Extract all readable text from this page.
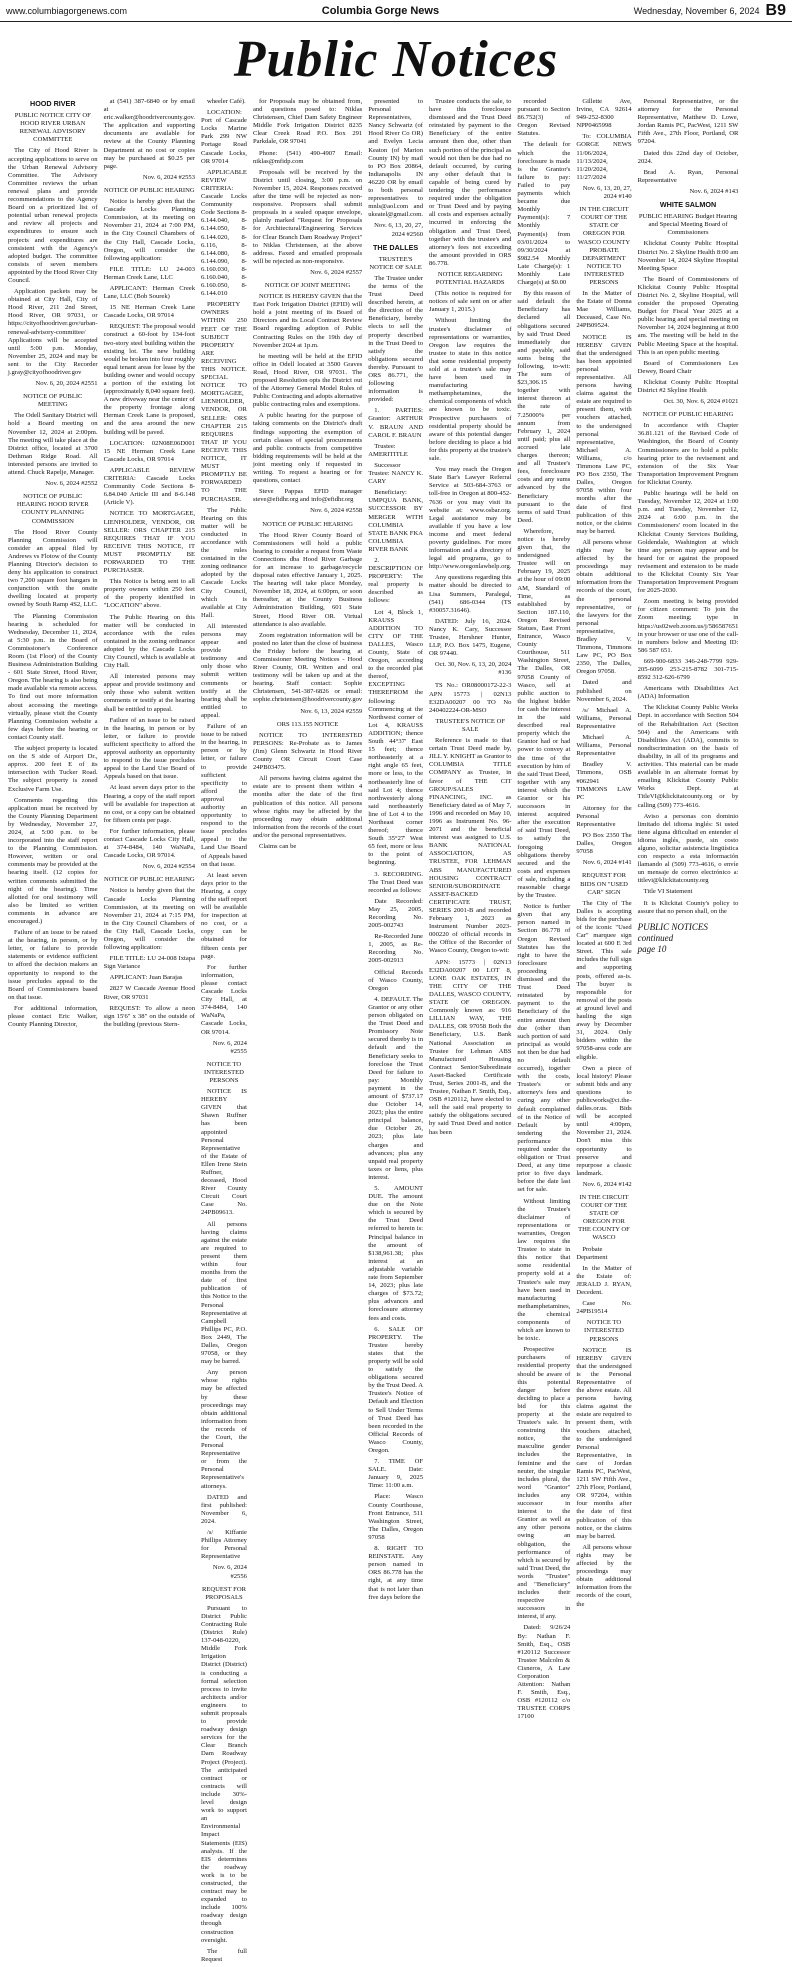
www.columbiagorgenews.com	Columbia Gorge News	Wednesday, November 6, 2024 B9
Public Notices

HOOD RIVER

PUBLIC NOTICE CITY OF HOOD RIVER URBAN RENEWAL ADVISORY COMMITTEE

The City of Hood River is accepting applications to serve on the Urban Renewal Advisory Committee. The Advisory Committee reviews the urban renewal plans and provide recommendations to the Agency Board on a prioritized list of potential urban renewal projects and review all projects and expenditures to ensure such projects and expenditures are consistent with the Agency's adopted budget. The committee consists of seven members appointed by the Hood River City Council.

Application packets may be obtained at City Hall, City of Hood River, 211 2nd Street, Hood River, OR 97031, or https://cityofhoodriver.gov/urban-renewal-advisory-committee/ Applications will be accepted until 5:00 p.m. Monday, November 25, 2024 and may be sent to the City Recorder j.gray@cityofhoodriver.gov

Nov. 6, 20, 2024 #2551

NOTICE OF PUBLIC MEETING

The Odell Sanitary District will hold a Board meeting on November 12, 2024 at 2:00pm. The meeting will take place at the District office, located at 3700 Dethman Ridge Road. All interested persons are invited to attend. Chuck Rapelje, Manager.

Nov. 6, 2024 #2552

NOTICE OF PUBLIC HEARING HOOD RIVER COUNTY PLANNING COMMISSION

The Hood River County Planning Commission will consider an appeal filed by Andrews vs Flotow of the County Planning Director's decision to deny his application to construct two 7,200 square foot hangars in conjunction with the onsite dwelling located at property owned by South Ramp 4S2, LLC.

The Planning Commission hearing is scheduled for Wednesday, December 11, 2024, at 5:30 p.m. in the Board of Commissioner's Conference Room (1st Floor) of the County Business Administration Building - 601 State Street, Hood River, Oregon. The hearing is also being made available via remote access. To find out more information about accessing the meetings virtually, please visit the County Planning Commission website a few days before the hearing or contact County staff.

The subject property is located on the S side of Airport Dr., approx. 200 feet E of its intersection with Tucker Road. The subject property is zoned Exclusive Farm Use.

Comments regarding this application must be received by the County Planning Department by Wednesday, November 27, 2024, at 5:00 p.m. to be incorporated into the staff report to the Planning Commission. However, written or oral comments may be provided at the hearing itself. (12 copies for written comments submitted the night of the hearing). Time allotted for oral testimony will also be limited so written comments in advance are encouraged.)

Failure of an issue to be raised at the hearing, in person, or by letter, or failure to provide statements or evidence sufficient to afford the decision makers an opportunity to respond to the issue precludes appeal to the Board of Commissioners based on that issue.

For additional information, please contact Eric Walker, County Planning Director,

at (541) 387-6840 or by email at eric.walker@hoodrivercounty.gov. The application and supporting documents are available for review at the County Planning Department at no cost or copies may be purchased at $0.25 per page.

Nov. 6, 2024 #2553

NOTICE OF PUBLIC HEARING

Notice is hereby given that the Cascade Locks Planning Commission, at its meeting on November 21, 2024 at 7:00 PM, in the City Council Chambers of the City Hall, Cascade Locks, Oregon, will consider the following application:

FILE TITLE: LU 24-003 Herman Creek Lane, LLC

APPLICANT: Herman Creek Lane, LLC (Bob Sourek)

15 NE Herman Creek Lane Cascade Locks, OR 97014

REQUEST: The proposal would construct a 60-foot by 134-foot two-story steel building within the existing lot. The new building would be broken into four roughly equal tenant areas for lease by the building owner and would occupy a portion of the existing lot (approximately 8,040 square feet). A new driveway near the center of the property frontage along Herman Creek Lane is proposed, and the area around the new building will be paved.

LOCATION: 02N08E06D001 15 NE Herman Creek Lane Cascade Locks, OR 97014

APPLICABLE REVIEW CRITERIA: Cascade Locks Community Code Sections 8-6.84.040 Article III and 8-6.148 (Article V).

NOTICE TO MORTGAGEE, LIENHOLDER, VENDOR, OR SELLER: ORS CHAPTER 215 REQUIRES THAT IF YOU RECEIVE THIS NOTICE, IT MUST PROMPTLY BE FORWARDED TO THE PURCHASER.

This Notice is being sent to all property owners within 250 feet of the property identified in "LOCATION" above.

The Public Hearing on this matter will be conducted in accordance with the rules contained in the zoning ordinance adopted by the Cascade Locks City Council, which is available at City Hall.

All interested persons may appear and provide testimony and only those who submit written comments or testify at the hearing shall be entitled to appeal.

Failure of an issue to be raised in the hearing, in person or by letter, or failure to provide sufficient specificity to afford the approval authority an opportunity to respond to the issue precludes appeal to the Land Use Board of Appeals based on that issue.

At least seven days prior to the Hearing, a copy of the staff report will be available for inspection at no cost, or a copy can be obtained for fifteen cents per page.

For further information, please contact Cascade Locks City Hall, at 374-8484, 140 WaNaPa, Cascade Locks, OR 97014.

Nov. 6, 2024 #2554

NOTICE OF PUBLIC HEARING

Notice is hereby given that the Cascade Locks Planning Commission, at its meeting on November 21, 2024 at 7:15 PM, in the City Council Chambers of the City Hall, Cascade Locks, Oregon, will consider the following application:

FILE TITLE: LU 24-008 Ixtapa Sign Variance

APPLICANT: Juan Barajas

2827 W Cascade Avenue Hood River, OR 97031

REQUEST: To allow a neon sign 15'6" x 38" on the outside of the building (previous Stern-

wheeler Café).

LOCATION: Port of Cascade Locks Marine Park 299 NW Portage Road Cascade Locks, OR 97014

APPLICABLE REVIEW CRITERIA: Cascade Locks Community Code Sections 8-6.144.040, 8-6.144.050, 8-6.144.020, 8-6.116, 8-6.144.080, 8-6.144.090, 8-6.160.030, 8-6.160.040, 8-6.160.050, 8-6.144.010

PROPERTY OWNERS WITHIN 250 FEET OF THE SUBJECT PROPERTY ARE RECEIVING THIS NOTICE. SPECIAL NOTICE TO MORTGAGEE, LIENHOLDER, VENDOR, OR SELLER: ORS CHAPTER 215 REQUIRES THAT IF YOU RECEIVE THIS NOTICE, IT MUST PROMPTLY BE FORWARDED TO THE PURCHASER.

The Public Hearing on this matter will be conducted in accordance with the rules contained in the zoning ordinance adopted by the Cascade Locks City Council, which is available at City Hall.

All interested persons may appear and provide testimony and only those who submit written comments or testify at the hearing shall be entitled to appeal.

Failure of an issue to be raised in the hearing, in person or by letter, or failure to provide sufficient specificity to afford the approval authority an opportunity to respond to the issue precludes appeal to the Land Use Board of Appeals based on that issue.

At least seven days prior to the Hearing, a copy of the staff report will be available for inspection at no cost, or a copy can be obtained for fifteen cents per page.

For further information, please contact Cascade Locks City Hall, at 374-8484, 140 WaNaPa, Cascade Locks, OR 97014.

Nov. 6, 2024 #2555

NOTICE TO INTERESTED PERSONS

NOTICE IS HEREBY GIVEN that Shawn Ruffner has been appointed Personal Representative of the Estate of Ellen Irene Stein Ruffner, deceased, Hood River County Circuit Court Case No. 24PB09613.

All persons having claims against the estate are required to present them within four months from the date of first publication of this Notice to the Personal Representative at Campbell Phillips PC, P.O. Box 2449, The Dalles, Oregon 97058, or they may be barred.

Any person whose rights may be affected by these proceedings may obtain additional information from the records of the Court, the Personal Representative or from the Personal Representative's attorneys.

DATED and first published: November 6, 2024.

/s/ Kiffanie Phillips Attorney for Personal Representative

Nov. 6, 2024 #2556

REQUEST FOR PROPOSALS

Pursuant to District Public Contracting Rule (District Rule) 137-048-0220, Middle Fork Irrigation District (District) is conducting a formal selection process to invite architects and/or engineers to submit proposals to provide roadway design services for the Clear Branch Dam Roadway Project (Project). The anticipated contract or contracts will include 30%-level design work to support an Environmental Impact Statements (EIS) analysis. If the EIS determines the roadway work is to be constructed, the contract may be expanded to include 100% roadway design through construction oversight.

The full Request

for Proposals may be obtained from, and questions posed to: Niklas Christensen, Chief Dam Safety Engineer Middle Fork Irrigation District 8235 Clear Creek Road P.O. Box 291 Parkdale, OR 97041

Phone: (541) 490-4907 Email: niklas@mfidp.com

Proposals will be received by the District until closing, 3:00 p.m. on November 15, 2024. Responses received after the time will be rejected as non-responsive. Proposers shall submit proposals in a sealed opaque envelope, plainly marked "Request for Proposals for Architectural/Engineering Services for Clear Branch Dam Roadway Project" to Niklas Christensen, at the above address. Faxed and emailed proposals will be rejected as non-responsive.

Nov. 6, 2024 #2557

NOTICE OF JOINT MEETING

NOTICE IS HEREBY GIVEN that the East Fork Irrigation District (EFID) will hold a joint meeting of its Board of Directors and its Local Contract Review Board regarding adoption of Public Contracting Rules on the 19th day of November 2024 at 1p.m.

he meeting will be held at the EFID office in Odell located at 3500 Graves Road, Hood River, OR 97031. The proposed Resolution opts the District out of the Attorney General Model Rules of Public Contracting and adopts alternative public contracting rules and exemptions.

A public hearing for the purpose of taking comments on the District's draft findings supporting the exemption of certain classes of special procurements and public contracts from competitive bidding requirements will be held at the joint meeting only if requested in writing. To request a hearing or for questions, contact

Steve Pappas EFID manager steve@efidhr.org and info@efidhr.org

Nov. 6, 2024 #2558

NOTICE OF PUBLIC HEARING

The Hood River County Board of Commissioners will hold a public hearing to consider a request from Waste Connections dba Hood River Garbage for an increase to garbage/recycle disposal rates effective January 1, 2025. The hearing will take place Monday, November 18, 2024, at 6:00pm, or soon thereafter, at the County Business Administration Building, 601 State Street, Hood River OR. Virtual attendance is also available.

Zoom registration information will be posted no later than the close of business the Friday before the hearing at Commissioner Meeting Notices - Hood River County, OR. Written and oral testimony will be taken up and at the hearing. Staff contact: Sophie Christensen, 541-387-6826 or email: sophie.christensen@hoodrivercounty.gov

Nov. 6, 13, 2024 #2559

ORS 113.155 NOTICE

NOTICE TO INTERESTED PERSONS: Re-Probate as to James (Jim) Glenn Schwartz in Hood River County OR Circuit Court Case 24PB03475.

All persons having claims against the estate are to present them within 4 months after the date of the first publication of this notice. All persons whose rights may be affected by the proceeding may obtain additional information from the records of the court and/or the personal representatives.

Claims can be

presented to Personal Representatives, Nancy Schwartz (of Hood River Co OR) and Evelyn Lecia Keaton (of Marion County IN) by mail to PO Box 20864, Indianapolis IN 46220 OR by email to both personal representatives to mnls@aol.com and ukeatel@gmail.com.

Nov. 6, 13, 20, 27, 2024 #2560

THE DALLES

TRUSTEE'S NOTICE OF SALE

The Trustee under the terms of the Trust Deed described herein, at the direction of the Beneficiary, hereby elects to sell the property described in the Trust Deed to satisfy the obligations secured thereby. Pursuant to ORS 86.771, the following information is provided:

1. PARTIES: Grantor: ARTHUR V. BRAUN AND CAROL F. BRAUN

Trustee: AMERITITLE

Successor Trustee: NANCY K. CARY

Beneficiary: UMPQUA BANK, SUCCESSOR BY MERGER WITH COLUMBIA STATE BANK FKA COLUMBIA RIVER BANK

2. DESCRIPTION OF PROPERTY: The real property is described as follows:

Lot 4, Block 1, KRAUSS ADDITION TO CITY OF THE DALLES, Wasco County, State of Oregon, according to the recorded plat thereof, EXCEPTING THEREFROM the following: Commencing at the Northwest corner of Lot 4, KRAUSS ADDITION; thence South 44°37' East 15 feet; thence northeasterly at a right angle 65 feet, more or less, to the northeasterly line of said Lot 4; thence northwesterly along said northeasterly line of Lot 4 to the Northeast corner thereof; thence South 35°27' West 65 feet, more or less to the point of beginning.

3. RECORDING. The Trust Deed was recorded as follows:

Date Recorded: May 25, 2005, Recording No. 2005-002743

Re-Recorded June 1, 2005, as Re-Recording No. 2005-002913

Official Records of Wasco County, Oregon

4. DEFAULT. The Grantor or any other person obligated on the Trust Deed and Promissory Note secured thereby is in default and the Beneficiary seeks to foreclose the Trust Deed for failure to pay: Monthly payment in the amount of $737.17 due October 14, 2023; plus the entire principal balance, due October 26, 2023; plus late charges and advances; plus any unpaid real property taxes or liens, plus interest.

5. AMOUNT DUE. The amount due on the Note which is secured by the Trust Deed referred to herein is: Principal balance in the amount of $138,961.38; plus interest at an adjustable variable rate from September 14, 2023; plus late charges of $73.72; plus advances and foreclosure attorney fees and costs.

6. SALE OF PROPERTY. The Trustee hereby states that the property will be sold to satisfy the obligations secured by the Trust Deed. A Trustee's Notice of Default and Election to Sell Under Terms of Trust Deed has been recorded in the Official Records of Wasco County, Oregon.

7. TIME OF SALE. Date: January 9, 2025 Time: 11:00 a.m.

Place: Wasco County Courthouse, Front Entrance, 511 Washington Street, The Dalles, Oregon 97058

8. RIGHT TO REINSTATE. Any person named in ORS 86.778 has the right, at any time that is not later than five days before the

Trustee conducts the sale, to have this foreclosure dismissed and the Trust Deed reinstated by payment to the Beneficiary of the entire amount then due, other than such portion of the principal as would not then be due had no default occurred, by curing any other default that is capable of being cured by tendering the performance required under the obligation or Trust Deed and by paying all costs and expenses actually incurred in enforcing the obligation and Trust Deed, together with the trustee's and attorney's fees not exceeding the amount provided in ORS 86.778.

NOTICE REGARDING POTENTIAL HAZARDS

(This notice is required for notices of sale sent on or after January 1, 2015.)

Without limiting the trustee's disclaimer of representations or warranties, Oregon law requires the trustee to state in this notice that some residential property sold at a trustee's sale may have been used in manufacturing methamphetamines, the chemical components of which are known to be toxic. Prospective purchasers of residential property should be aware of this potential danger before deciding to place a bid for this property at the trustee's sale.

You may reach the Oregon State Bar's Lawyer Referral Service at 503-684-3763 or toll-free in Oregon at 800-452-7636 or you may visit its website at: www.osbar.org. Legal assistance may be available if you have a low income and meet federal poverty guidelines. For more information and a directory of legal aid programs, go to http://www.oregonlawhelp.org.

Any questions regarding this matter should be directed to Lisa Summers, Paralegal, (541) 686-0344 (TS #30057.31646).

DATED: July 16, 2024. Nancy K. Cary, Successor Trustee, Hershner Hunter, LLP, P.O. Box 1475, Eugene, OR 97440.

Oct. 30, Nov. 6, 13, 20, 2024 #136

TS No.: OR08000172-22-3 APN 15773 | 02N13 E32DA00207 00 TO No 240402224-OR-MSO

TRUSTEE'S NOTICE OF SALE

Reference is made to that certain Trust Deed made by, JILL Y. KNIGHT as Grantor to COLUMBIA TITLE COMPANY as Trustee, in favor of THE CIT GROUP/SALES FINANCING, INC. as Beneficiary dated as of May 7, 1996 and recorded on May 10, 1996 as Instrument No. 96-2071 and the beneficial interest was assigned to U.S. BANK NATIONAL ASSOCIATION, AS TRUSTEE, FOR LEHMAN ABS MANUFACTURED HOUSING CONTRACT SENIOR/SUBORDINATE ASSET-BACKED CERTIFICATE TRUST, SERIES 2001-B and recorded February 1, 2023 as Instrument Number 2023-000220 of official records in the Office of the Recorder of Wasco County, Oregon to-wit:

APN: 15773 | 02N13 E32DA00207 00 LOT 8, LONE OAK ESTATES, IN THE CITY OF THE DALLES, WASCO COUNTY, STATE OF OREGON. Commonly known as: 916 LILLIAN WAY, THE DALLES, OR 97058 Both the Beneficiary, U.S. Bank National Association as Trustee for Lehman ABS Manufactured Housing Contract Senior/Subordinate Asset-Backed Certificate Trust, Series 2001-B, and the Trustee, Nathan F. Smith, Esq., OSB #120112, have elected to sell the said real property to satisfy the obligations secured by said Trust Deed and notice has been

recorded pursuant to Section 86.752(3) of Oregon Revised Statutes.

The default for which the foreclosure is made is the Grantor's failure to pay: Failed to pay payments which became due Monthly Payment(s): 7 Monthly Payment(s) from 03/01/2024 to 09/30/2024 at $982.54 Monthly Late Charge(s): 1 Monthly Late Charge(s) at $0.00

By this reason of said default the Beneficiary has declared all obligations secured by said Trust Deed immediately due and payable, said sums being the following, to-wit: The sum of $23,306.15 together with interest thereon at the rate of 7.25000% per annum from February 1, 2024 until paid; plus all accrued late charges thereon; and all Trustee's fees, foreclosure costs and any sums advanced by the Beneficiary pursuant to the terms of said Trust Deed.

Wherefore, notice is hereby given that, the undersigned Trustee will on February 19, 2025 at the hour of 09:00 AM, Standard of Time, as established by Section 187.110, Oregon Revised Statues, East Front Entrance, Wasco County Courthouse, 511 Washington Street, The Dalles, OR 97058 County of Wasco, sell at public auction to the highest bidder for cash the interest in the said described real property which the Grantor had or had power to convey at the time of the execution by him of the said Trust Deed, together with any interest which the Grantor or his successors in interest acquired after the execution of said Trust Deed, to satisfy the foregoing obligations thereby secured and the costs and expenses of sale, including a reasonable charge by the Trustee.

Notice is further given that any person named in Section 86.778 of Oregon Revised Statutes has the right to have the foreclosure proceeding dismissed and the Trust Deed reinstated by payment to the Beneficiary of the entire amount then due (other than such portion of said principal as would not then be due had no default occurred), together with the costs, Trustee's or attorney's fees and curing any other default complained of in the Notice of Default by tendering the performance required under the obligation or Trust Deed, at any time prior to five days before the date last set for sale.

Without limiting the Trustee's disclaimer of representations or warranties, Oregon law requires the Trustee to state in this notice that some residential property sold at a Trustee's sale may have been used in manufacturing methamphetamines, the chemical components of which are known to be toxic.

Prospective purchasers of residential property should be aware of this potential danger before deciding to place a bid for this property at the Trustee's sale. In construing this notice, the masculine gender includes the feminine and the neuter, the singular includes plural, the word "Grantor" includes any successor in interest to the Grantor as well as any other persons owing an obligation, the performance of which is secured by said Trust Deed, the words "Trustee" and "Beneficiary" includes their respective successors in interest, if any.

Dated: 9/26/24 By: Nathan F. Smith, Esq., OSB #120112 Successor Trustee Malcolm & Cisneros, A Law Corporation Attention: Nathan F. Smith, Esq., OSB #120112 c/o TRUSTEE CORPS 17100

Gillette Ave, Irvine, CA 92614 949-252-8300 NPP0465998

To: COLUMBIA GORGE NEWS 11/06/2024, 11/13/2024, 11/20/2024, 11/27/2024

Nov. 6, 13, 20, 27, 2024 #140

IN THE CIRCUIT COURT OF THE STATE OF OREGON FOR WASCO COUNTY PROBATE DEPARTMENT NOTICE TO INTERESTED PERSONS

In the Matter of the Estate of Donna Mae Williams, Deceased, Case No. 24PB09524.

NOTICE IS HEREBY GIVEN that the undersigned has been appointed personal representative. All persons having claims against the estate are required to present them, with vouchers attached, to the undersigned personal representative, Michael A. Williams, c/o Timmons Law PC, PO Box 2350, The Dalles, Oregon 97058 within four months after the date of first publication of this notice, or the claims may be barred.

All persons whose rights may be affected by the proceedings may obtain additional information from the records of the court, the personal representative, or the lawyers for the personal representative, Bradley V. Timmons, Timmons Law PC, PO Box 2350, The Dalles, Oregon 97058.

Dated and published on November 6, 2024.

/s/ Michael A. Williams, Personal Representative

Michael A. Williams, Personal Representative

Bradley V. Timmons, OSB #062941 TIMMONS LAW PC

Attorney for the Personal Representative

PO Box 2350 The Dalles, Oregon 97058

Nov. 6, 2024 #141

REQUEST FOR BIDS ON "USED CAR" SIGN

The City of The Dalles is accepting bids for the purchase of the iconic "Used Car" marquee sign located at 600 E 3rd Street. This sale includes the full sign and supporting posts, offered as-is. The buyer is responsible for removal of the posts at ground level and hauling the sign away by December 31, 2024. Only bidders within the 97058-area code are eligible.

Own a piece of local history! Please submit bids and any questions to publicworks@ci.the-dalles.or.us. Bids will be accepted until 4:00pm, November 21, 2024. Don't miss this opportunity to preserve and repurpose a classic landmark.

Nov. 6, 2024 #142

IN THE CIRCUIT COURT OF THE STATE OF OREGON FOR THE COUNTY OF WASCO

Probate Department

In the Matter of the Estate of: JERALD J. RYAN, Decedent.

Case No. 24PB19514

NOTICE TO INTERESTED PERSONS

NOTICE IS HEREBY GIVEN that the undersigned is the Personal Representative of the above estate. All persons having claims against the estate are required to present them, with vouchers attached, to the undersigned Personal Representative, in care of Jordan Ramis PC, PacWest, 1211 SW Fifth Ave., 27th Floor, Portland, OR 97204, within four months after the date of first publication of this notice, or the claims may be barred.

All persons whose rights may be affected by the proceedings may obtain additional information from the records of the court, the

Personal Representative, or the attorney for the Personal Representative, Matthew D. Lowe, Jordan Ramis PC, PacWest, 1211 SW Fifth Ave., 27th Floor, Portland, OR 97204.

Dated this 22nd day of October, 2024.

Brad A. Ryan, Personal Representative

Nov. 6, 2024 #143

WHITE SALMON

PUBLIC HEARING Budget Hearing and Special Meeting Board of Commissioners

Klickitat County Public Hospital District No. 2 Skyline Health 8:00 am November 14, 2024 Skyline Hospital Meeting Space

The Board of Commissioners of Klickitat County Public Hospital District No. 2, Skyline Hospital, will consider the proposed Operating Budget for Fiscal Year 2025 at a public hearing and special meeting on November 14, 2024 beginning at 8:00 am. The meeting will be held in the Public Meeting Space at the hospital. This is an open public meeting.

Board of Commissioners Les Dewey, Board Chair

Klickitat County Public Hospital District #2 Skyline Health

Oct. 30, Nov. 6, 2024 #1021

NOTICE OF PUBLIC HEARING

In accordance with Chapter 36.81.121 of the Revised Code of Washington, the Board of County Commissioners are to hold a public hearing prior to the revisement and extension of the Six Year Transportation Improvement Program for Klickitat County.

Public hearings will be held on Tuesday, November 12, 2024 at 1:00 p.m. and Tuesday, November 12, 2024 at 6:00 p.m. in the Commissioners' room located in the Klickitat County Services Building, Goldendale, Washington at which time any person may appear and be heard for or against the proposed revisement and extension to be made to the Klickitat County Six Year Transportation Improvement Program for 2025-2030.

Zoom meeting is being provided for citizen comment: To join the Zoom meeting; type in https://us02web.zoom.us/j/586587651 in your browser or use one of the call-in numbers below and Meeting ID: 586 587 651.

669-900-6833 346-248-7799 929-205-6099 253-215-8782 301-715-8592 312-626-6799

Americans with Disabilities Act (ADA) Information

The Klickitat County Public Works Dept. in accordance with Section 504 of the Rehabilitation Act (Section 504) and the Americans with Disabilities Act (ADA), commits to nondiscrimination on the basis of disability, in all of its programs and activities. This material can be made available in an alternate format by emailing Klickitat County Public Works Dept. at TitleVI@klickitatcounty.org or by calling (509) 773-4616.

Aviso a personas con dominio limitado del idioma inglés: Si usted tiene alguna dificultad en entender el idioma inglés, puede, sin costo alguno, solicitar asistencia lingüística con respecto a esta información llamando al (509) 773-4616, o envíe un mensaje de correo electrónico a: titlevi@klickitatcounty.org

Title VI Statement

It is Klickitat County's policy to assure that no person shall, on the

PUBLIC NOTICES
continued
page 10
